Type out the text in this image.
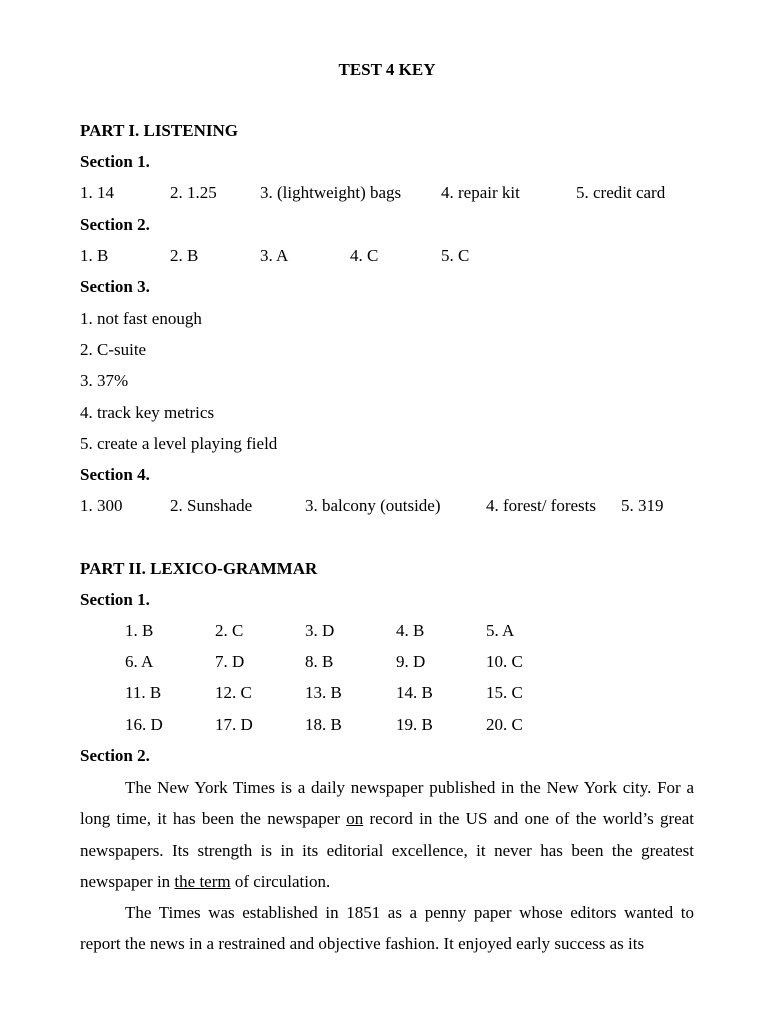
TEST 4 KEY
PART I. LISTENING
Section 1.
1. 14	2. 1.25	3. (lightweight) bags 4. repair kit	5. credit card
Section 2.
1. B	2. B	3. A	4. C	5. C
Section 3.
1. not fast enough
2. C-suite
3. 37%
4. track key metrics
5. create a level playing field
Section 4.
1. 300	2. Sunshade	3. balcony (outside)	4. forest/ forests 5. 319
PART II. LEXICO-GRAMMAR
Section 1.
1. B	2. C	3. D	4. B	5. A
6. A	7. D	8. B	9. D	10. C
11. B	12. C	13. B	14. B	15. C
16. D	17. D	18. B	19. B	20. C
Section 2.
The New York Times is a daily newspaper published in the New York city. For a long time, it has been the newspaper on record in the US and one of the world’s great newspapers. Its strength is in its editorial excellence, it never has been the greatest newspaper in the term of circulation.
The Times was established in 1851 as a penny paper whose editors wanted to report the news in a restrained and objective fashion. It enjoyed early success as its
